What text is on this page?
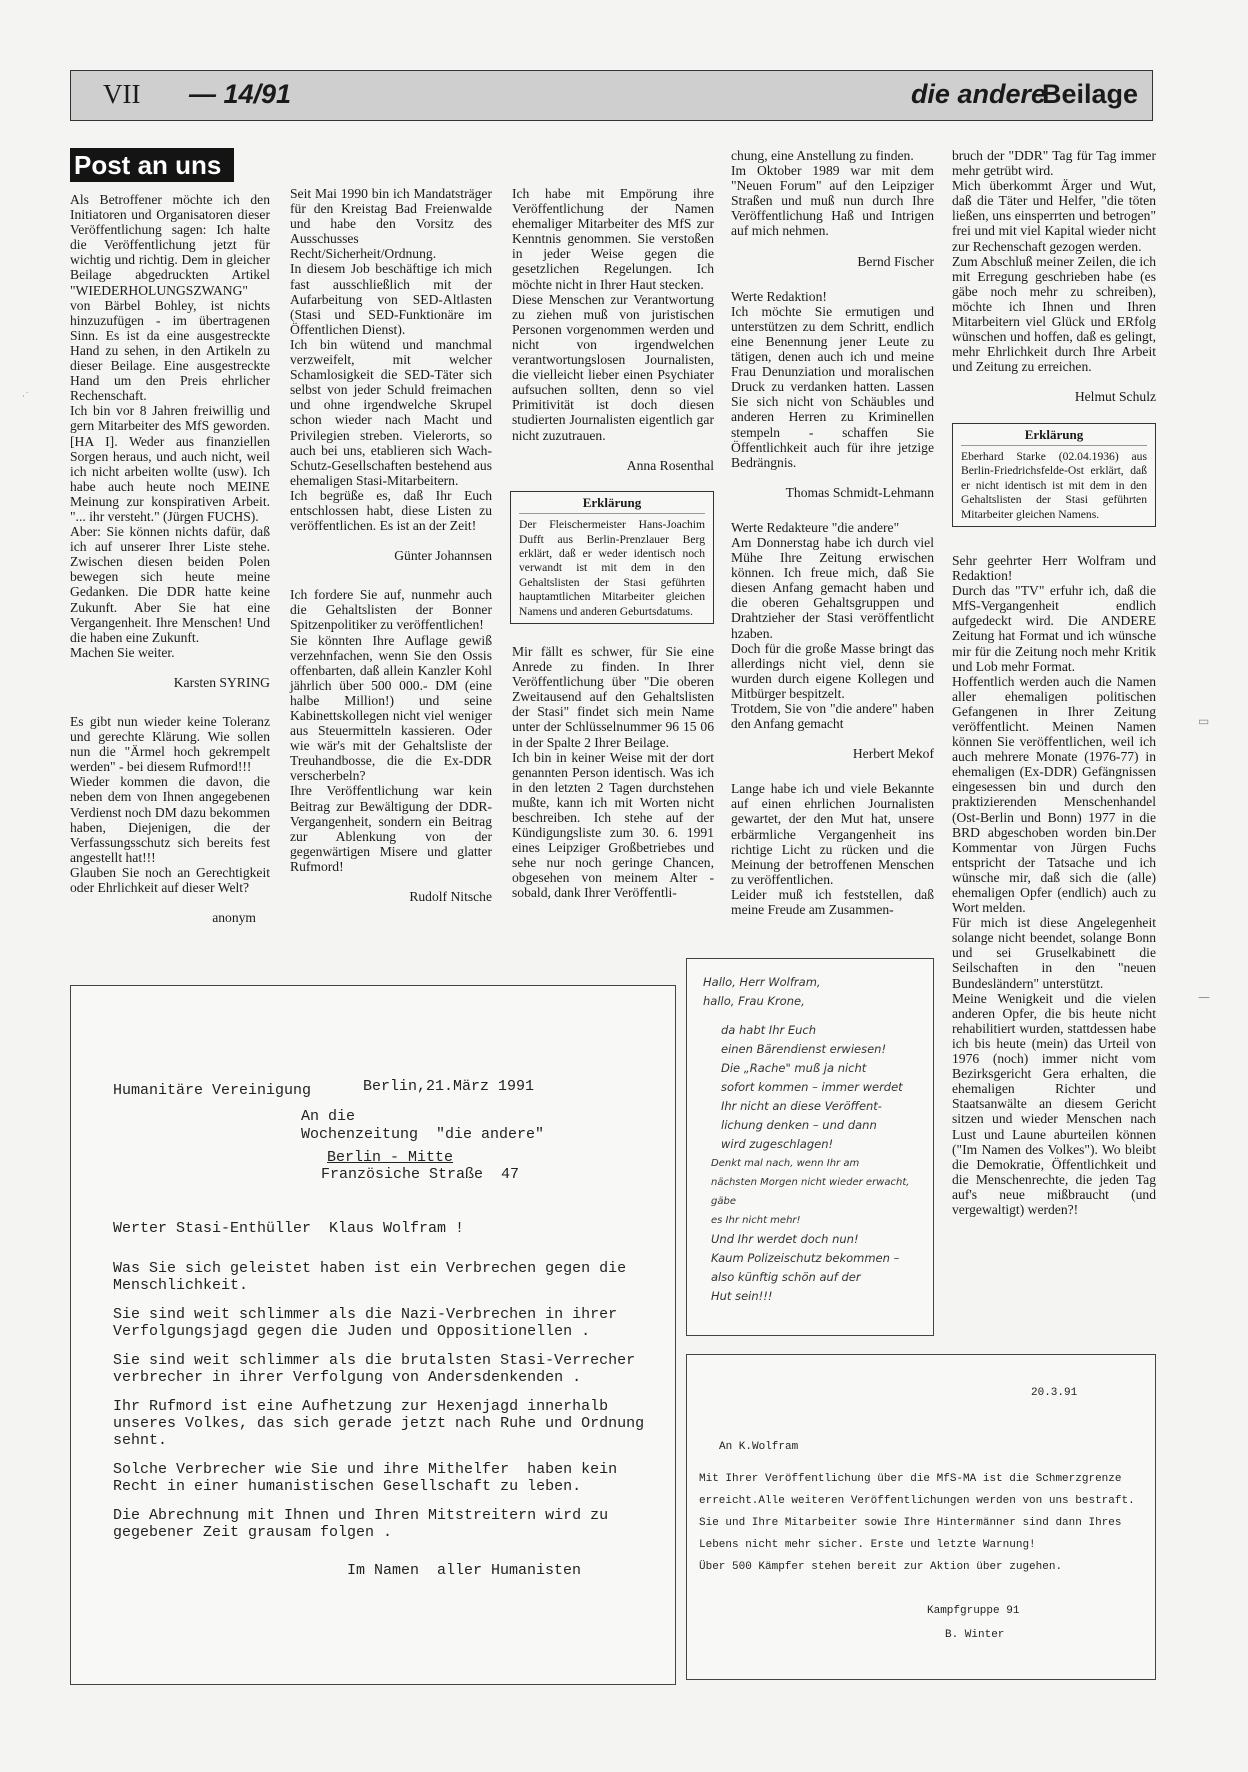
VII — 14/91	die andere
Beilage
Post an uns

Als Betroffener möchte ich den Initiatoren und Organisatoren dieser Veröffentlichung sagen: Ich halte die Veröffentlichung jetzt für wichtig und richtig. Dem in gleicher Beilage abgedruckten Artikel "WIEDERHOLUNGSZWANG" von Bärbel Bohley, ist nichts hinzuzufügen - im übertragenen Sinn. Es ist da eine ausgestreckte Hand zu sehen, in den Artikeln zu dieser Beilage. Eine ausgestreckte Hand um den Preis ehrlicher Rechenschaft.
Ich bin vor 8 Jahren freiwillig und gern Mitarbeiter des MfS geworden. [HA I]. Weder aus finanziellen Sorgen heraus, und auch nicht, weil ich nicht arbeiten wollte (usw). Ich habe auch heute noch MEINE Meinung zur konspirativen Arbeit. "... ihr versteht." (Jürgen FUCHS).
Aber: Sie können nichts dafür, daß ich auf unserer Ihrer Liste stehe. Zwischen diesen beiden Polen bewegen sich heute meine Gedanken. Die DDR hatte keine Zukunft. Aber Sie hat eine Vergangenheit. Ihre Menschen! Und die haben eine Zukunft.
Machen Sie weiter.

Karsten SYRING

Es gibt nun wieder keine Toleranz und gerechte Klärung. Wie sollen nun die "Ärmel hoch gekrempelt werden" - bei diesem Rufmord!!!
Wieder kommen die davon, die neben dem von Ihnen angegebenen Verdienst noch DM dazu bekommen haben, Diejenigen, die der Verfassungsschutz sich bereits fest angestellt hat!!!
Glauben Sie noch an Gerechtigkeit oder Ehrlichkeit auf dieser Welt?

anonym

Seit Mai 1990 bin ich Mandatsträger für den Kreistag Bad Freienwalde und habe den Vorsitz des Ausschusses Recht/Sicherheit/Ordnung.
In diesem Job beschäftige ich mich fast ausschließlich mit der Aufarbeitung von SED-Altlasten (Stasi und SED-Funktionäre im Öffentlichen Dienst).
Ich bin wütend und manchmal verzweifelt, mit welcher Schamlosigkeit die SED-Täter sich selbst von jeder Schuld freimachen und ohne irgendwelche Skrupel schon wieder nach Macht und Privilegien streben. Vielerorts, so auch bei uns, etablieren sich Wach-Schutz-Gesellschaften bestehend aus ehemaligen Stasi-Mitarbeitern.
Ich begrüße es, daß Ihr Euch entschlossen habt, diese Listen zu veröffentlichen. Es ist an der Zeit!

Günter Johannsen

Ich fordere Sie auf, nunmehr auch die Gehaltslisten der Bonner Spitzenpolitiker zu veröffentlichen!
Sie könnten Ihre Auflage gewiß verzehnfachen, wenn Sie den Ossis offenbarten, daß allein Kanzler Kohl jährlich über 500 000.- DM (eine halbe Million!) und seine Kabinettskollegen nicht viel weniger aus Steuermitteln kassieren. Oder wie wär's mit der Gehaltsliste der Treuhandbosse, die die Ex-DDR verscherbeln?
Ihre Veröffentlichung war kein Beitrag zur Bewältigung der DDR-Vergangenheit, sondern ein Beitrag zur Ablenkung von der gegenwärtigen Misere und glatter Rufmord!

Rudolf Nitsche

Ich habe mit Empörung ihre Veröffentlichung der Namen ehemaliger Mitarbeiter des MfS zur Kenntnis genommen. Sie verstoßen in jeder Weise gegen die gesetzlichen Regelungen. Ich möchte nicht in Ihrer Haut stecken.
Diese Menschen zur Verantwortung zu ziehen muß von juristischen Personen vorgenommen werden und nicht von irgendwelchen verantwortungslosen Journalisten, die vielleicht lieber einen Psychiater aufsuchen sollten, denn so viel Primitivität ist doch diesen studierten Journalisten eigentlich gar nicht zuzutrauen.

Anna Rosenthal
Erklärung
Der Fleischermeister Hans-Joachim Dufft aus Berlin-Prenzlauer Berg erklärt, daß er weder identisch noch verwandt ist mit dem in den Gehaltslisten der Stasi geführten hauptamtlichen Mitarbeiter gleichen Namens und anderen Geburtsdatums.

Mir fällt es schwer, für Sie eine Anrede zu finden. In Ihrer Veröffentlichung über "Die oberen Zweitausend auf den Gehaltslisten der Stasi" findet sich mein Name unter der Schlüsselnummer 96 15 06 in der Spalte 2 Ihrer Beilage.
Ich bin in keiner Weise mit der dort genannten Person identisch. Was ich in den letzten 2 Tagen durchstehen mußte, kann ich mit Worten nicht beschreiben. Ich stehe auf der Kündigungsliste zum 30. 6. 1991 eines Leipziger Großbetriebes und sehe nur noch geringe Chancen, obgesehen von meinem Alter - sobald, dank Ihrer Veröffentli-

chung, eine Anstellung zu finden.
Im Oktober 1989 war mit dem "Neuen Forum" auf den Leipziger Straßen und muß nun durch Ihre Veröffentlichung Haß und Intrigen auf mich nehmen.

Bernd Fischer

Werte Redaktion!
Ich möchte Sie ermutigen und unterstützen zu dem Schritt, endlich eine Benennung jener Leute zu tätigen, denen auch ich und meine Frau Denunziation und moralischen Druck zu verdanken hatten. Lassen Sie sich nicht von Schäubles und anderen Herren zu Kriminellen stempeln - schaffen Sie Öffentlichkeit auch für ihre jetzige Bedrängnis.

Thomas Schmidt-Lehmann

Werte Redakteure "die andere"
Am Donnerstag habe ich durch viel Mühe Ihre Zeitung erwischen können. Ich freue mich, daß Sie diesen Anfang gemacht haben und die oberen Gehaltsgruppen und Drahtzieher der Stasi veröffentlicht hzaben.
Doch für die große Masse bringt das allerdings nicht viel, denn sie wurden durch eigene Kollegen und Mitbürger bespitzelt.
Trotdem, Sie von "die andere" haben den Anfang gemacht

Herbert Mekof

Lange habe ich und viele Bekannte auf einen ehrlichen Journalisten gewartet, der den Mut hat, unsere erbärmliche Vergangenheit ins richtige Licht zu rücken und die Meinung der betroffenen Menschen zu veröffentlichen.
Leider muß ich feststellen, daß meine Freude am Zusammen-

bruch der "DDR" Tag für Tag immer mehr getrübt wird.
Mich überkommt Ärger und Wut, daß die Täter und Helfer, "die töten ließen, uns einsperrten und betrogen" frei und mit viel Kapital wieder nicht zur Rechenschaft gezogen werden.
Zum Abschluß meiner Zeilen, die ich mit Erregung geschrieben habe (es gäbe noch mehr zu schreiben), möchte ich Ihnen und Ihren Mitarbeitern viel Glück und ERfolg wünschen und hoffen, daß es gelingt, mehr Ehrlichkeit durch Ihre Arbeit und Zeitung zu erreichen.

Helmut Schulz
Erklärung
Eberhard Starke (02.04.1936) aus Berlin-Friedrichsfelde-Ost erklärt, daß er nicht identisch ist mit dem in den Gehaltslisten der Stasi geführten Mitarbeiter gleichen Namens.

Sehr geehrter Herr Wolfram und Redaktion!
Durch das "TV" erfuhr ich, daß die MfS-Vergangenheit endlich aufgedeckt wird. Die ANDERE Zeitung hat Format und ich wünsche mir für die Zeitung noch mehr Kritik und Lob mehr Format.
Hoffentlich werden auch die Namen aller ehemaligen politischen Gefangenen in Ihrer Zeitung veröffentlicht. Meinen Namen können Sie veröffentlichen, weil ich auch mehrere Monate (1976-77) in ehemaligen (Ex-DDR) Gefängnissen eingesessen bin und durch den praktizierenden Menschenhandel (Ost-Berlin und Bonn) 1977 in die BRD abgeschoben worden bin.Der Kommentar von Jürgen Fuchs entspricht der Tatsache und ich wünsche mir, daß sich die (alle) ehemaligen Opfer (endlich) auch zu Wort melden.
Für mich ist diese Angelegenheit solange nicht beendet, solange Bonn und sei Gruselkabinett die Seilschaften in den "neuen Bundesländern" unterstützt.
Meine Wenigkeit und die vielen anderen Opfer, die bis heute nicht rehabilitiert wurden, stattdessen habe ich bis heute (mein) das Urteil von 1976 (noch) immer nicht vom Bezirksgericht Gera erhalten, die ehemaligen Richter und Staatsanwälte an diesem Gericht sitzen und wieder Menschen nach Lust und Laune aburteilen können ("Im Namen des Volkes"). Wo bleibt die Demokratie, Öffentlichkeit und die Menschenrechte, die jeden Tag auf's neue mißbraucht (und vergewaltigt) werden?!

Humanitäre Vereinigung	Berlin,21.März 1991
An die
Wochenzeitung  "die andere"
Berlin - Mitte
Französiche Straße  47
Werter Stasi-Enthüller  Klaus Wolfram !
Was Sie sich geleistet haben ist ein Verbrechen gegen die
Menschlichkeit.
Sie sind weit schlimmer als die Nazi-Verbrechen in ihrer
Verfolgungsjagd gegen die Juden und Oppositionellen .
Sie sind weit schlimmer als die brutalsten Stasi-Verrecher
verbrecher in ihrer Verfolgung von Andersdenkenden .
Ihr Rufmord ist eine Aufhetzung zur Hexenjagd innerhalb
unseres Volkes, das sich gerade jetzt nach Ruhe und Ordnung
sehnt.
Solche Verbrecher wie Sie und ihre Mithelfer  haben kein
Recht in einer humanistischen Gesellschaft zu leben.
Die Abrechnung mit Ihnen und Ihren Mitstreitern wird zu
gegebener Zeit grausam folgen .
Im Namen  aller Humanisten
Hallo, Herr Wolfram,
hallo, Frau Krone,
da habt Ihr Euch
einen Bärendienst erwiesen!
Die „Rache" muß ja nicht
sofort kommen – immer werdet
Ihr nicht an diese Veröffent-
lichung denken – und dann
wird zugeschlagen!
Denkt mal nach, wenn Ihr am
nächsten Morgen nicht wieder erwacht, gäbe
es Ihr nicht mehr!
Und Ihr werdet doch nun!
Kaum Polizeischutz bekommen –
also künftig schön auf der
Hut sein!!!
20.3.91
An K.Wolfram
Mit Ihrer Veröffentlichung über die MfS-MA ist die Schmerzgrenze
erreicht.Alle weiteren Veröffentlichungen werden von uns bestraft.
Sie und Ihre Mitarbeiter sowie Ihre Hintermänner sind dann Ihres
Lebens nicht mehr sicher. Erste und letzte Warnung!
Über 500 Kämpfer stehen bereit zur Aktion über zugehen.
Kampfgruppe 91
B. Winter
▭
—
·˙
